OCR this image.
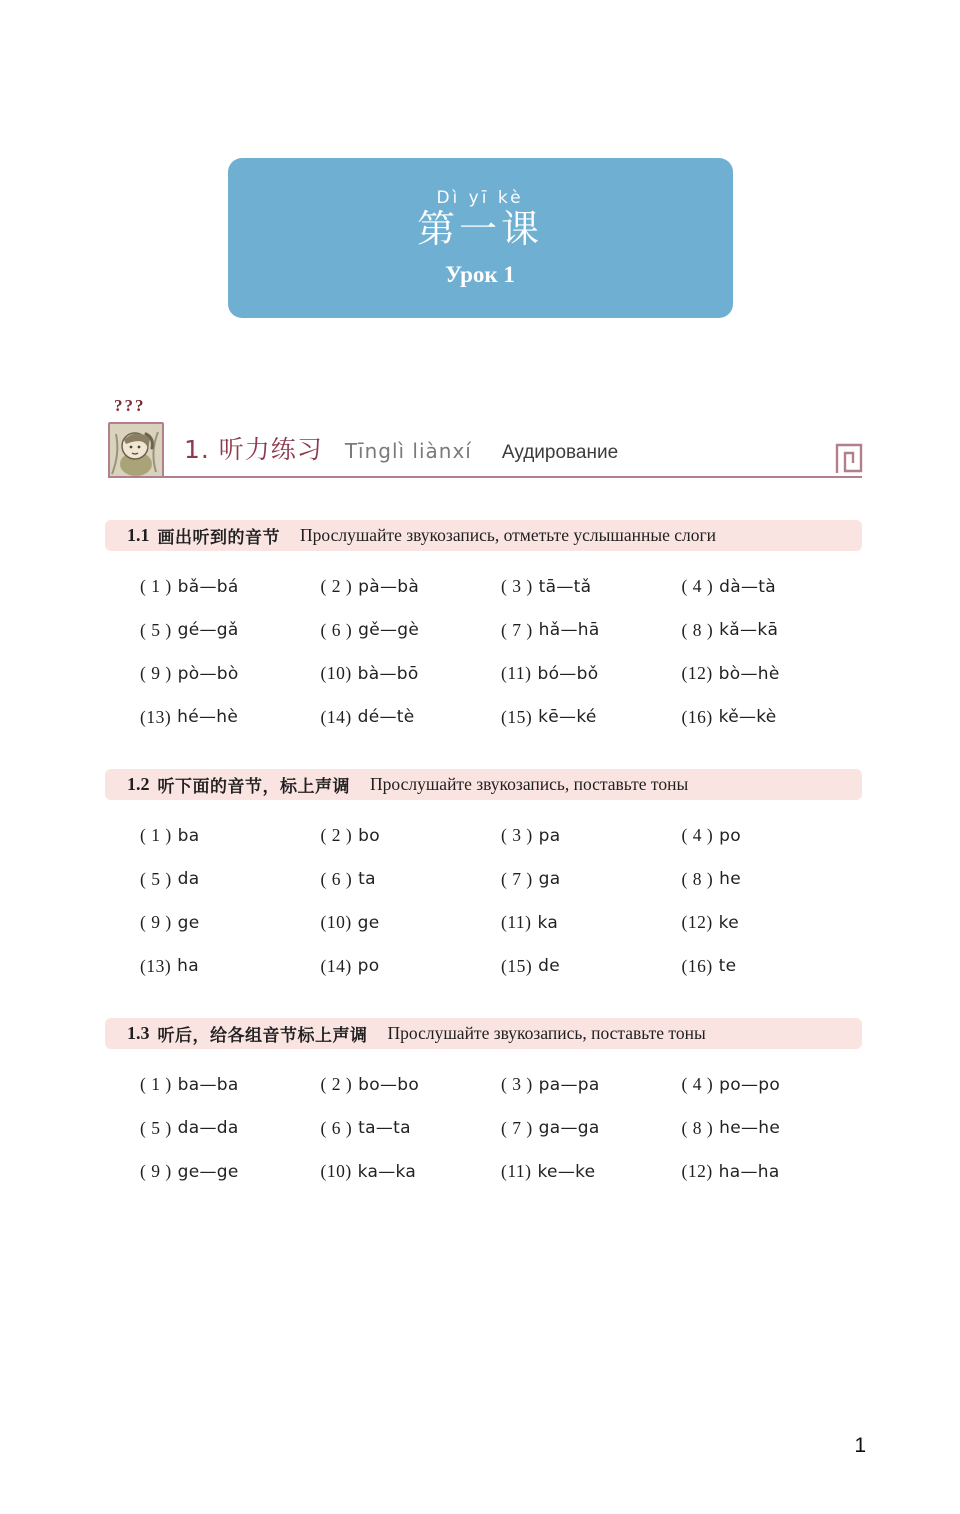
Dì yī kè
第一课
Урок 1
???
1. 听力练习 Tīnglì liànxí Аудирование
1.1 画出听到的音节 Прослушайте звукозапись, отметьте услышанные слоги
( 1 ) bǎ—bá	( 2 ) pà—bà	( 3 ) tā—tǎ	( 4 ) dà—tà
( 5 ) gé—gǎ	( 6 ) gě—gè	( 7 ) hǎ—hā	( 8 ) kǎ—kā
( 9 ) pò—bò	(10) bà—bō	(11) bó—bǒ	(12) bò—hè
(13) hé—hè	(14) dé—tè	(15) kē—ké	(16) kě—kè
1.2 听下面的音节，标上声调 Прослушайте звукозапись, поставьте тоны
( 1 ) ba	( 2 ) bo	( 3 ) pa	( 4 ) po
( 5 ) da	( 6 ) ta	( 7 ) ga	( 8 ) he
( 9 ) ge	(10) ge	(11) ka	(12) ke
(13) ha	(14) po	(15) de	(16) te
1.3 听后，给各组音节标上声调 Прослушайте звукозапись, поставьте тоны
( 1 ) ba—ba	( 2 ) bo—bo	( 3 ) pa—pa	( 4 ) po—po
( 5 ) da—da	( 6 ) ta—ta	( 7 ) ga—ga	( 8 ) he—he
( 9 ) ge—ge	(10) ka—ka	(11) ke—ke	(12) ha—ha
1
